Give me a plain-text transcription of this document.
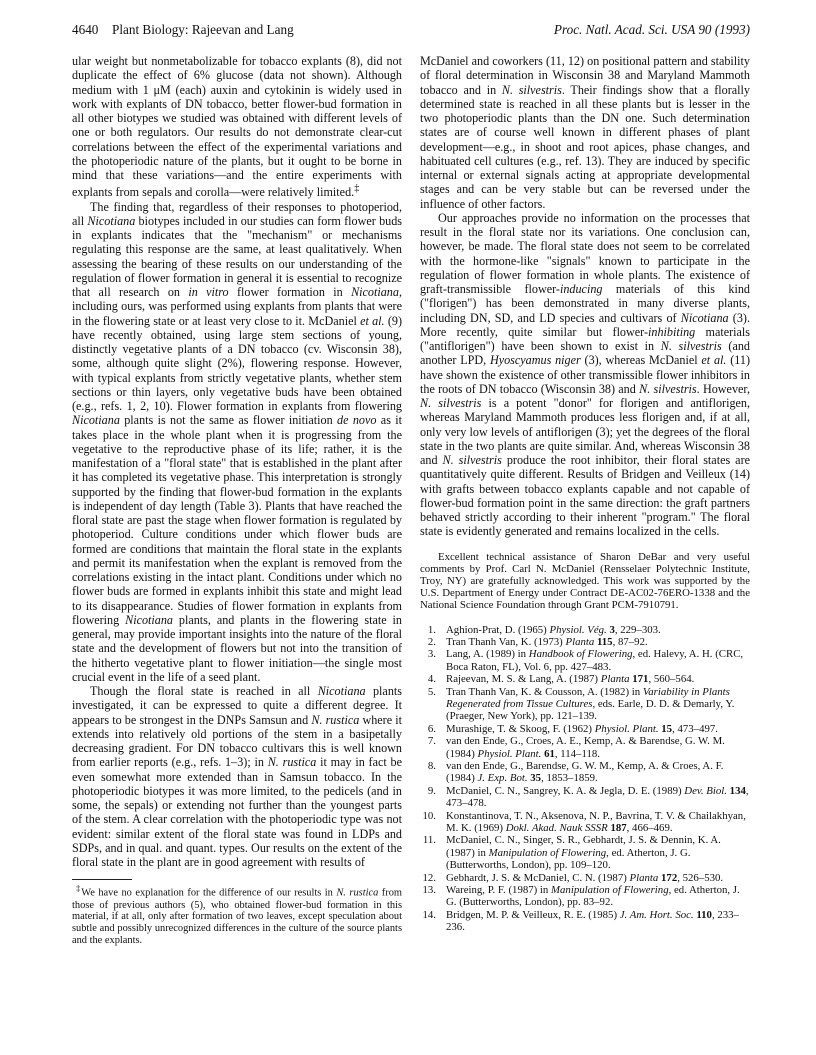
4640 Plant Biology: Rajeevan and Lang	Proc. Natl. Acad. Sci. USA 90 (1993)

ular weight but nonmetabolizable for tobacco explants (8), did not duplicate the effect of 6% glucose (data not shown). Although medium with 1 μM (each) auxin and cytokinin is widely used in work with explants of DN tobacco, better flower-bud formation in all other biotypes we studied was obtained with different levels of one or both regulators. Our results do not demonstrate clear-cut correlations between the effect of the experimental variations and the photoperiodic nature of the plants, but it ought to be borne in mind that these variations—and the entire experiments with explants from sepals and corolla—were relatively limited.‡

The finding that, regardless of their responses to photoperiod, all Nicotiana biotypes included in our studies can form flower buds in explants indicates that the "mechanism" or mechanisms regulating this response are the same, at least qualitatively. When assessing the bearing of these results on our understanding of the regulation of flower formation in general it is essential to recognize that all research on in vitro flower formation in Nicotiana, including ours, was performed using explants from plants that were in the flowering state or at least very close to it. McDaniel et al. (9) have recently obtained, using large stem sections of young, distinctly vegetative plants of a DN tobacco (cv. Wisconsin 38), some, although quite slight (2%), flowering response. However, with typical explants from strictly vegetative plants, whether stem sections or thin layers, only vegetative buds have been obtained (e.g., refs. 1, 2, 10). Flower formation in explants from flowering Nicotiana plants is not the same as flower initiation de novo as it takes place in the whole plant when it is progressing from the vegetative to the reproductive phase of its life; rather, it is the manifestation of a "floral state" that is established in the plant after it has completed its vegetative phase. This interpretation is strongly supported by the finding that flower-bud formation in the explants is independent of day length (Table 3). Plants that have reached the floral state are past the stage when flower formation is regulated by photoperiod. Culture conditions under which flower buds are formed are conditions that maintain the floral state in the explants and permit its manifestation when the explant is removed from the correlations existing in the intact plant. Conditions under which no flower buds are formed in explants inhibit this state and might lead to its disappearance. Studies of flower formation in explants from flowering Nicotiana plants, and plants in the flowering state in general, may provide important insights into the nature of the floral state and the development of flowers but not into the transition of the hitherto vegetative plant to flower initiation—the single most crucial event in the life of a seed plant.

Though the floral state is reached in all Nicotiana plants investigated, it can be expressed to quite a different degree. It appears to be strongest in the DNPs Samsun and N. rustica where it extends into relatively old portions of the stem in a basipetally decreasing gradient. For DN tobacco cultivars this is well known from earlier reports (e.g., refs. 1–3); in N. rustica it may in fact be even somewhat more extended than in Samsun tobacco. In the photoperiodic biotypes it was more limited, to the pedicels (and in some, the sepals) or extending not further than the youngest parts of the stem. A clear correlation with the photoperiodic type was not evident: similar extent of the floral state was found in LDPs and SDPs, and in qual. and quant. types. Our results on the extent of the floral state in the plant are in good agreement with results of

‡We have no explanation for the difference of our results in N. rustica from those of previous authors (5), who obtained flower-bud formation in this material, if at all, only after formation of two leaves, except speculation about subtle and possibly unrecognized differences in the culture of the source plants and the explants.

McDaniel and coworkers (11, 12) on positional pattern and stability of floral determination in Wisconsin 38 and Maryland Mammoth tobacco and in N. silvestris. Their findings show that a florally determined state is reached in all these plants but is lesser in the two photoperiodic plants than the DN one. Such determination states are of course well known in different phases of plant development—e.g., in shoot and root apices, phase changes, and habituated cell cultures (e.g., ref. 13). They are induced by specific internal or external signals acting at appropriate developmental stages and can be very stable but can be reversed under the influence of other factors.

Our approaches provide no information on the processes that result in the floral state nor its variations. One conclusion can, however, be made. The floral state does not seem to be correlated with the hormone-like "signals" known to participate in the regulation of flower formation in whole plants. The existence of graft-transmissible flower-inducing materials of this kind ("florigen") has been demonstrated in many diverse plants, including DN, SD, and LD species and cultivars of Nicotiana (3). More recently, quite similar but flower-inhibiting materials ("antiflorigen") have been shown to exist in N. silvestris (and another LPD, Hyoscyamus niger (3), whereas McDaniel et al. (11) have shown the existence of other transmissible flower inhibitors in the roots of DN tobacco (Wisconsin 38) and N. silvestris. However, N. silvestris is a potent "donor" for florigen and antiflorigen, whereas Maryland Mammoth produces less florigen and, if at all, only very low levels of antiflorigen (3); yet the degrees of the floral state in the two plants are quite similar. And, whereas Wisconsin 38 and N. silvestris produce the root inhibitor, their floral states are quantitatively quite different. Results of Bridgen and Veilleux (14) with grafts between tobacco explants capable and not capable of flower-bud formation point in the same direction: the graft partners behaved strictly according to their inherent "program." The floral state is evidently generated and remains localized in the cells.

Excellent technical assistance of Sharon DeBar and very useful comments by Prof. Carl N. McDaniel (Rensselaer Polytechnic Institute, Troy, NY) are gratefully acknowledged. This work was supported by the U.S. Department of Energy under Contract DE-AC02-76ERO-1338 and the National Science Foundation through Grant PCM-7910791.

1. Aghion-Prat, D. (1965) Physiol. Vég. 3, 229–303.
2. Tran Thanh Van, K. (1973) Planta 115, 87–92.
3. Lang, A. (1989) in Handbook of Flowering, ed. Halevy, A. H. (CRC, Boca Raton, FL), Vol. 6, pp. 427–483.
4. Rajeevan, M. S. & Lang, A. (1987) Planta 171, 560–564.
5. Tran Thanh Van, K. & Cousson, A. (1982) in Variability in Plants Regenerated from Tissue Cultures, eds. Earle, D. D. & Demarly, Y. (Praeger, New York), pp. 121–139.
6. Murashige, T. & Skoog, F. (1962) Physiol. Plant. 15, 473–497.
7. van den Ende, G., Croes, A. E., Kemp, A. & Barendse, G. W. M. (1984) Physiol. Plant. 61, 114–118.
8. van den Ende, G., Barendse, G. W. M., Kemp, A. & Croes, A. F. (1984) J. Exp. Bot. 35, 1853–1859.
9. McDaniel, C. N., Sangrey, K. A. & Jegla, D. E. (1989) Dev. Biol. 134, 473–478.
10. Konstantinova, T. N., Aksenova, N. P., Bavrina, T. V. & Chailakhyan, M. K. (1969) Dokl. Akad. Nauk SSSR 187, 466–469.
11. McDaniel, C. N., Singer, S. R., Gebhardt, J. S. & Dennin, K. A. (1987) in Manipulation of Flowering, ed. Atherton, J. G. (Butterworths, London), pp. 109–120.
12. Gebhardt, J. S. & McDaniel, C. N. (1987) Planta 172, 526–530.
13. Wareing, P. F. (1987) in Manipulation of Flowering, ed. Atherton, J. G. (Butterworths, London), pp. 83–92.
14. Bridgen, M. P. & Veilleux, R. E. (1985) J. Am. Hort. Soc. 110, 233–236.
